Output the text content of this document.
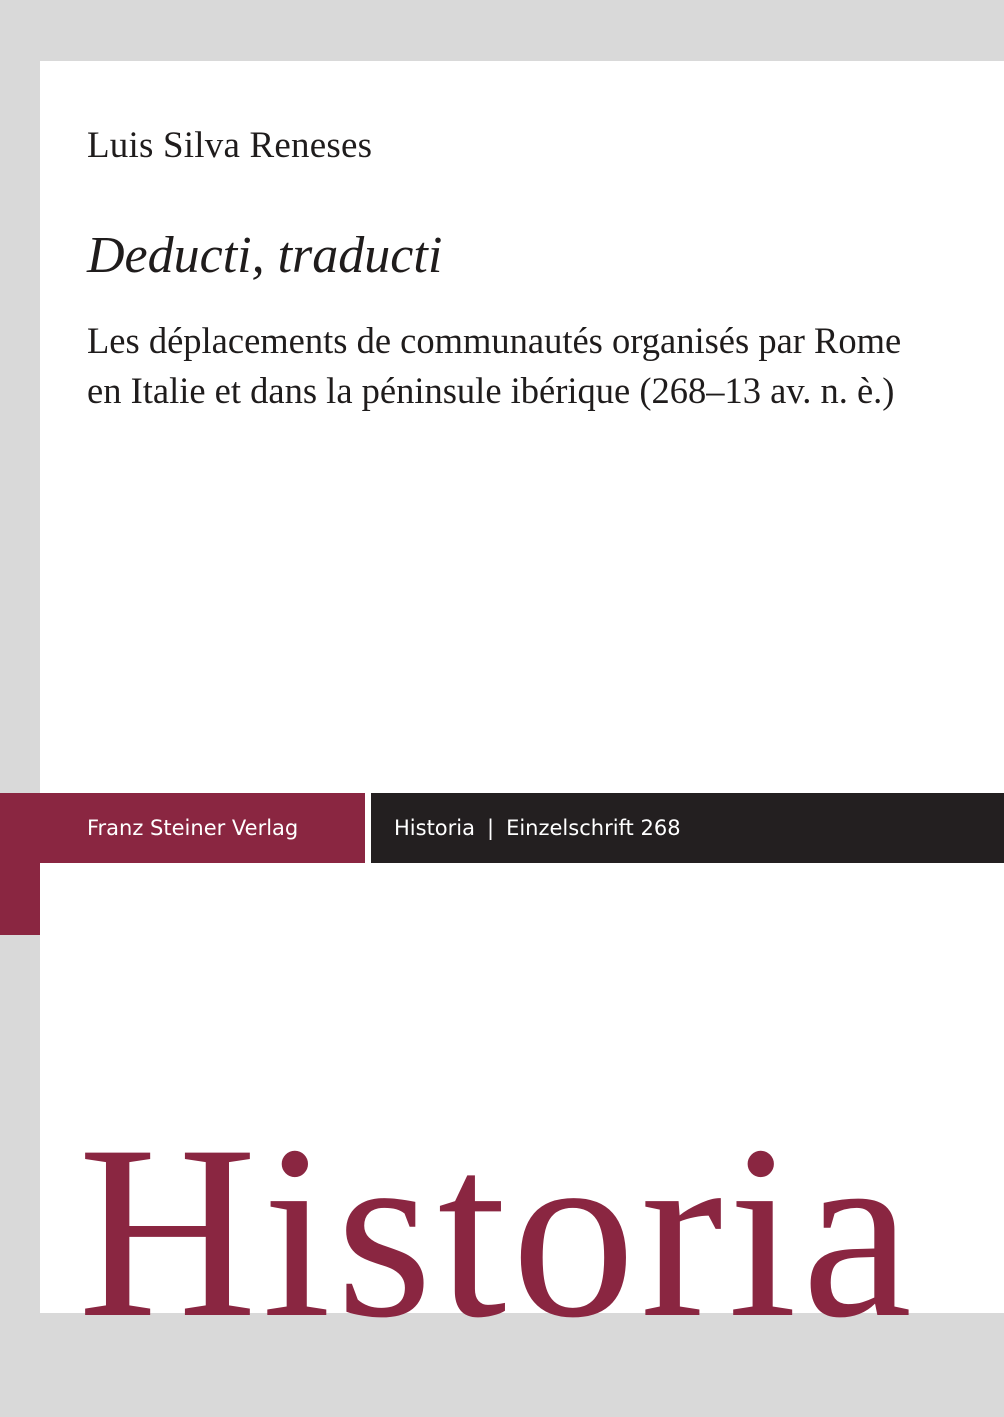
Luis Silva Reneses
Deducti, traducti
Les déplacements de communautés organisés par Rome
en Italie et dans la péninsule ibérique (268–13 av. n. è.)
Franz Steiner Verlag	Historia | Einzelschrift 268
Historia
